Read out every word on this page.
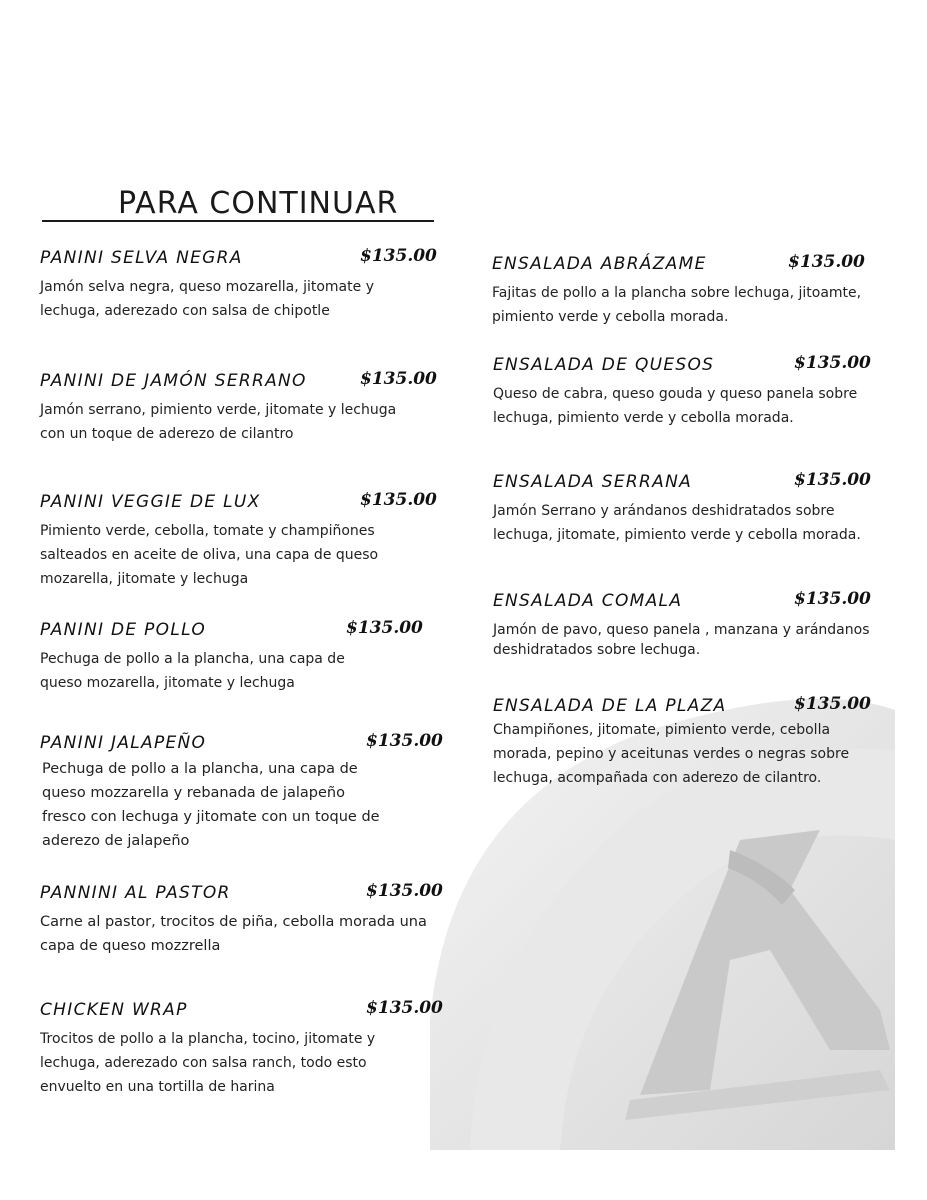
PARA CONTINUAR
PANINI SELVA NEGRA	$135.00
Jamón selva negra, queso mozarella, jitomate y lechuga, aderezado con salsa de chipotle
PANINI DE JAMÓN SERRANO	$135.00
Jamón serrano, pimiento verde, jitomate y lechuga con un toque de aderezo de cilantro
PANINI VEGGIE DE LUX	$135.00
Pimiento verde, cebolla, tomate y champiñones salteados en aceite de oliva, una capa de queso mozarella, jitomate y lechuga
PANINI DE POLLO	$135.00
Pechuga de pollo a la plancha, una capa de queso mozarella, jitomate y lechuga
PANINI JALAPEÑO	$135.00
Pechuga de pollo a la plancha, una capa de queso mozzarella y rebanada de jalapeño fresco con lechuga y jitomate con un toque de aderezo de jalapeño
PANNINI AL PASTOR	$135.00
Carne al pastor, trocitos de piña, cebolla morada una capa de queso mozzrella
CHICKEN WRAP	$135.00
Trocitos de pollo a la plancha, tocino, jitomate y lechuga, aderezado con salsa ranch, todo esto envuelto en una tortilla de harina
ENSALADA ABRÁZAME	$135.00
Fajitas de pollo a la plancha sobre lechuga, jitoamte, pimiento verde y cebolla morada.
ENSALADA DE QUESOS	$135.00
Queso de cabra, queso gouda y queso panela sobre lechuga, pimiento verde y cebolla morada.
ENSALADA SERRANA	$135.00
Jamón Serrano y arándanos deshidratados sobre lechuga, jitomate, pimiento verde y cebolla morada.
ENSALADA COMALA	$135.00
Jamón de pavo, queso panela , manzana y arándanos deshidratados sobre lechuga.
ENSALADA DE LA PLAZA	$135.00
Champiñones, jitomate, pimiento verde, cebolla morada, pepino y aceitunas verdes o negras sobre lechuga, acompañada con aderezo de cilantro.
